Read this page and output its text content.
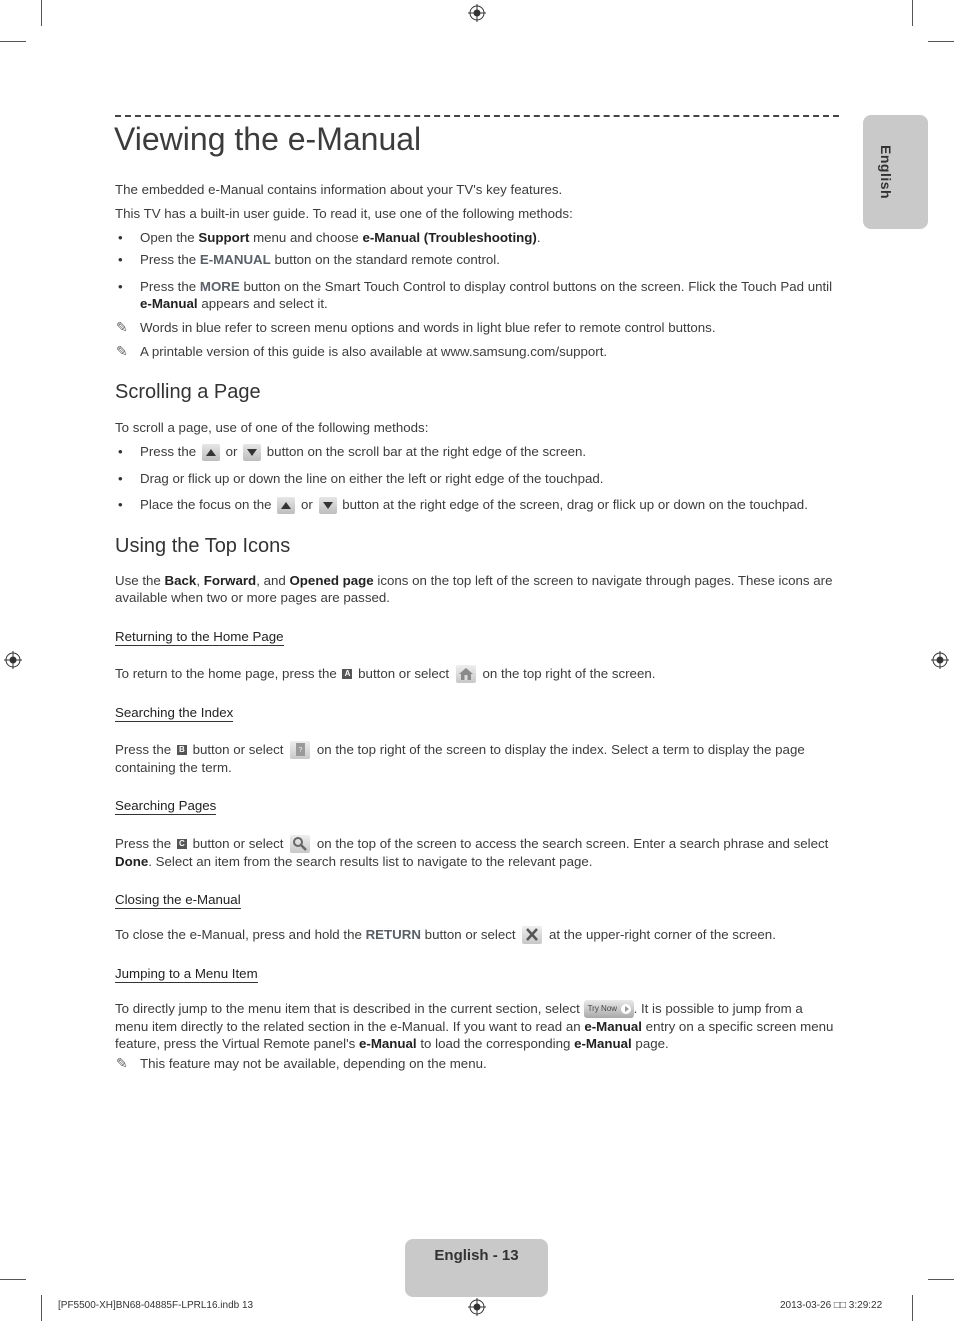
English
Viewing the e-Manual
The embedded e-Manual contains information about your TV's key features.
This TV has a built-in user guide. To read it, use one of the following methods:
• Open the Support menu and choose e-Manual (Troubleshooting).
• Press the E-MANUAL button on the standard remote control.
• Press the MORE button on the Smart Touch Control to display control buttons on the screen. Flick the Touch Pad until e-Manual appears and select it.
✎ Words in blue refer to screen menu options and words in light blue refer to remote control buttons.
✎ A printable version of this guide is also available at www.samsung.com/support.
Scrolling a Page
To scroll a page, use of one of the following methods:
• Press the
or
button on the scroll bar at the right edge of the screen.
• Drag or flick up or down the line on either the left or right edge of the touchpad.
• Place the focus on the
or
button at the right edge of the screen, drag or flick up or down on the touchpad.
Using the Top Icons
Use the Back, Forward, and Opened page icons on the top left of the screen to navigate through pages. These icons are available when two or more pages are passed.
Returning to the Home Page
To return to the home page, press the A button or select  on the top right of the screen.
Searching the Index
Press the B button or select ? on the top right of the screen to display the index. Select a term to display the page containing the term.
Searching Pages
Press the C button or select  on the top of the screen to access the search screen. Enter a search phrase and select Done. Select an item from the search results list to navigate to the relevant page.
Closing the e-Manual
To close the e-Manual, press and hold the RETURN button or select  at the upper-right corner of the screen.
Jumping to a Menu Item
To directly jump to the menu item that is described in the current section, select Try Now . It is possible to jump from a menu item directly to the related section in the e-Manual. If you want to read an e-Manual entry on a specific screen menu feature, press the Virtual Remote panel's e-Manual to load the corresponding e-Manual page.
✎ This feature may not be available, depending on the menu.
English - 13
[PF5500-XH]BN68-04885F-LPRL16.indb 13	2013-03-26 □□ 3:29:22
